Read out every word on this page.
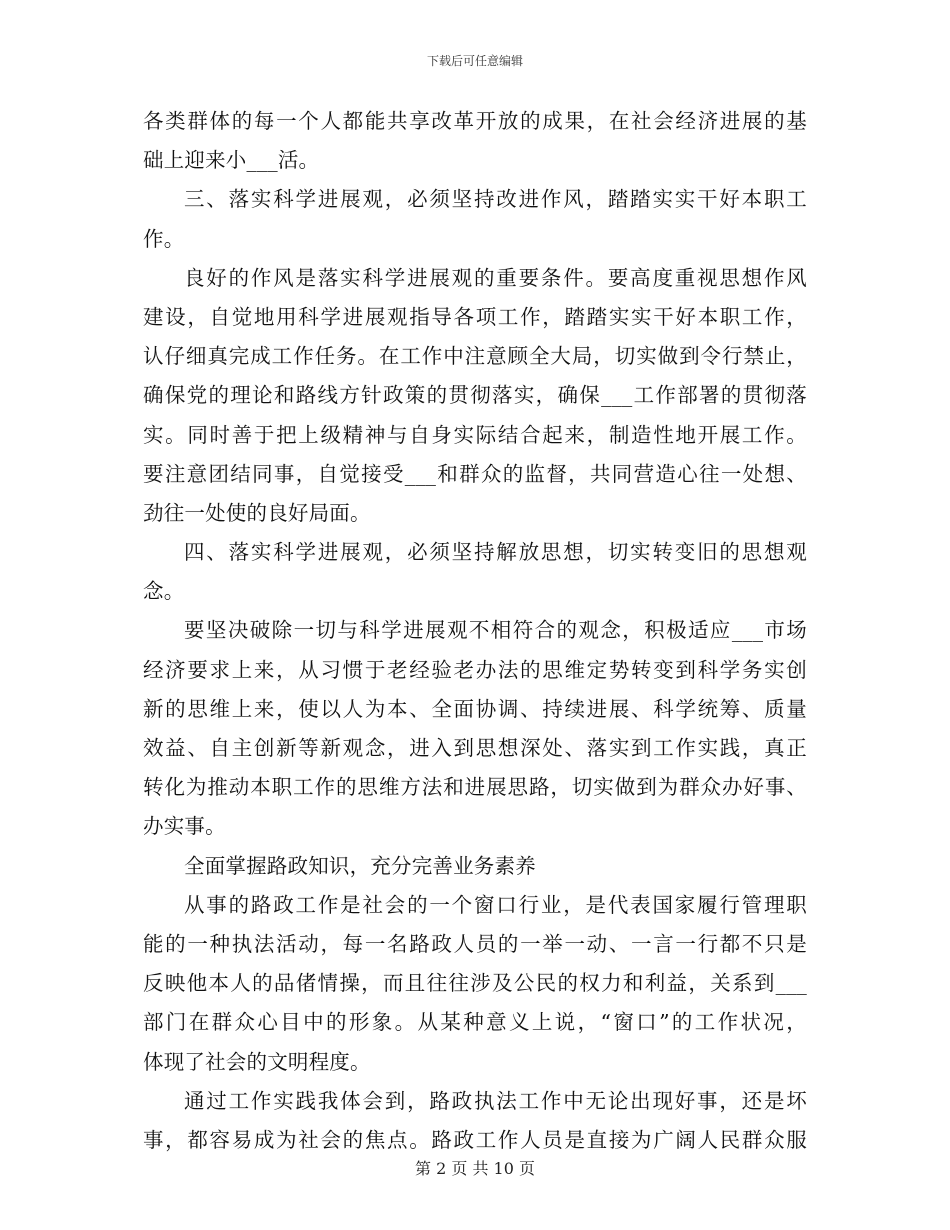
下载后可任意编辑
各类群体的每一个人都能共享改革开放的成果，在社会经济进展的基
础上迎来小___活。
三、落实科学进展观，必须坚持改进作风，踏踏实实干好本职工
作。
良好的作风是落实科学进展观的重要条件。要高度重视思想作风
建设，自觉地用科学进展观指导各项工作，踏踏实实干好本职工作，
认仔细真完成工作任务。在工作中注意顾全大局，切实做到令行禁止，
确保党的理论和路线方针政策的贯彻落实，确保___工作部署的贯彻落
实。同时善于把上级精神与自身实际结合起来，制造性地开展工作。
要注意团结同事，自觉接受___和群众的监督，共同营造心往一处想、
劲往一处使的良好局面。
四、落实科学进展观，必须坚持解放思想，切实转变旧的思想观
念。
要坚决破除一切与科学进展观不相符合的观念，积极适应___市场
经济要求上来，从习惯于老经验老办法的思维定势转变到科学务实创
新的思维上来，使以人为本、全面协调、持续进展、科学统筹、质量
效益、自主创新等新观念，进入到思想深处、落实到工作实践，真正
转化为推动本职工作的思维方法和进展思路，切实做到为群众办好事、
办实事。
全面掌握路政知识，充分完善业务素养
从事的路政工作是社会的一个窗口行业，是代表国家履行管理职
能的一种执法活动，每一名路政人员的一举一动、一言一行都不只是
反映他本人的品偖情操，而且往往涉及公民的权力和利益，关系到___
部门在群众心目中的形象。从某种意义上说，“窗口”的工作状况，
体现了社会的文明程度。
通过工作实践我体会到，路政执法工作中无论出现好事，还是坏
事，都容易成为社会的焦点。路政工作人员是直接为广阔人民群众服
第 2 页 共 10 页
